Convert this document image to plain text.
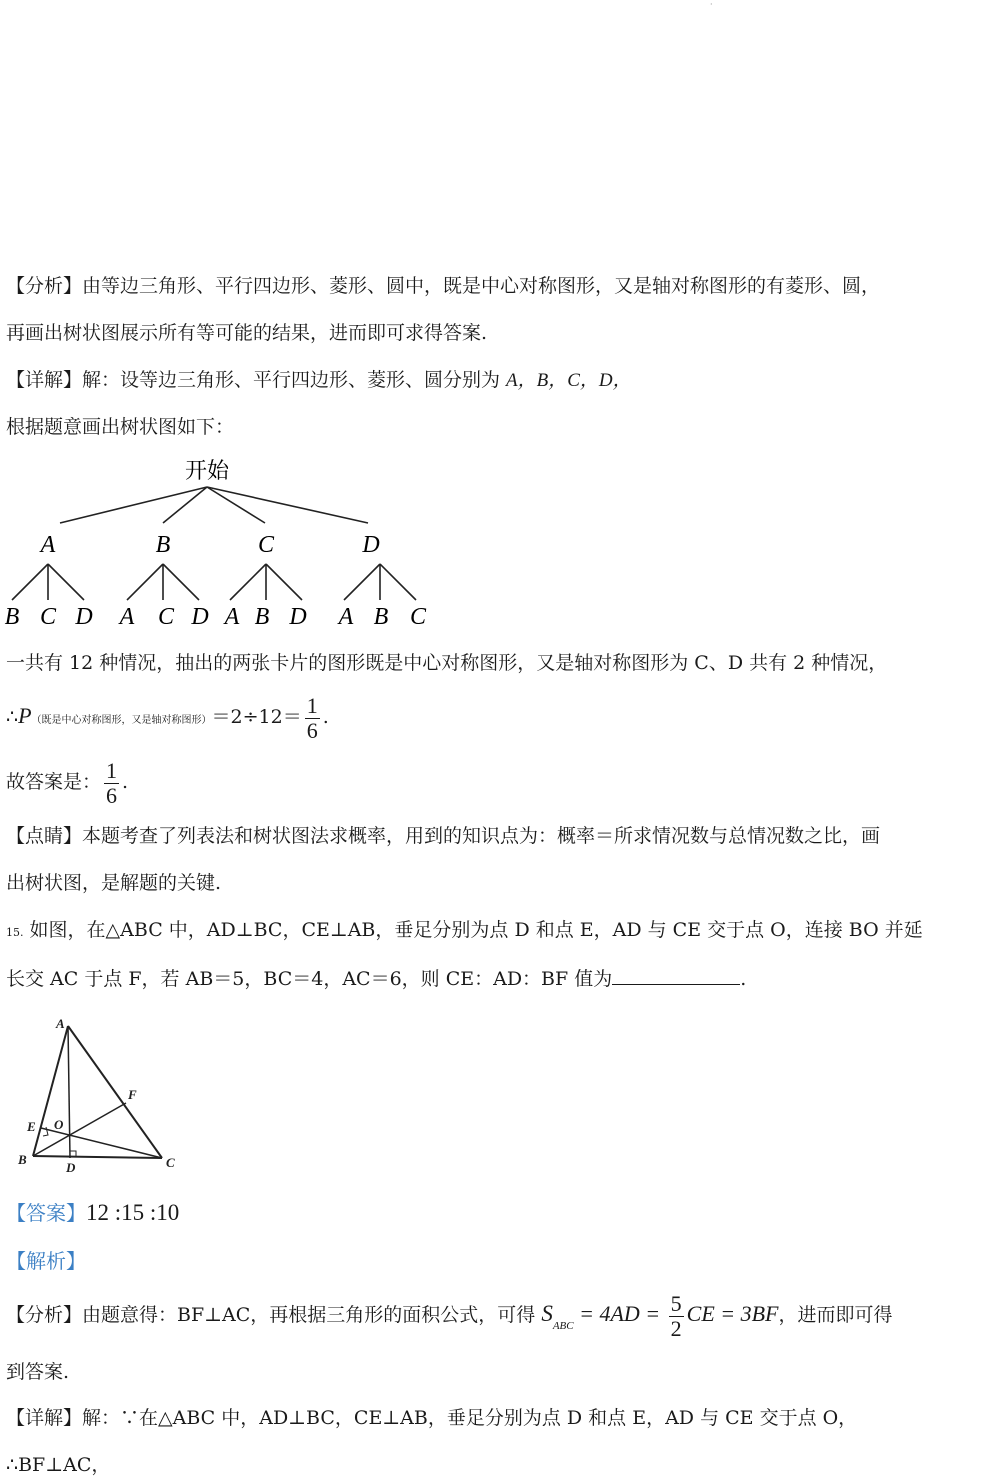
·
【分析】由等边三角形、平行四边形、菱形、圆中，既是中心对称图形，又是轴对称图形的有菱形、圆，
再画出树状图展示所有等可能的结果，进而即可求得答案.
【详解】解：设等边三角形、平行四边形、菱形、圆分别为 A，B，C，D，
根据题意画出树状图如下：
开始
A	B	C	D
B C D A C D A B D A B C
一共有 12 种情况，抽出的两张卡片的图形既是中心对称图形，又是轴对称图形为 C、D 共有 2 种情况，
∴P（既是中心对称图形，又是轴对称图形）$=2\div 12= \frac{1}{6}$ .
故答案是： $\frac{1}{6}$ .
【点睛】本题考查了列表法和树状图法求概率，用到的知识点为：概率＝所求情况数与总情况数之比，画
出树状图，是解题的关键.
15. 如图，在△ABC 中，AD⊥BC，CE⊥AB，垂足分别为点 D 和点 E，AD 与 CE 交于点 O，连接 BO 并延
长交 AC 于点 F，若 AB＝5，BC＝4，AC＝6，则 CE：AD：BF 值为	.
A
B	C
D
E
F
O
【答案】12 :15 :10
【解析】
【分析】由题意得：BF⊥AC，再根据三角形的面积公式，可得 $S_{ABC} = 4AD = \frac{5}{2}$ CE = 3BF，进而即可得
到答案.
【详解】解：∵在△ABC 中，AD⊥BC，CE⊥AB，垂足分别为点 D 和点 E，AD 与 CE 交于点 O，
∴BF⊥AC，
